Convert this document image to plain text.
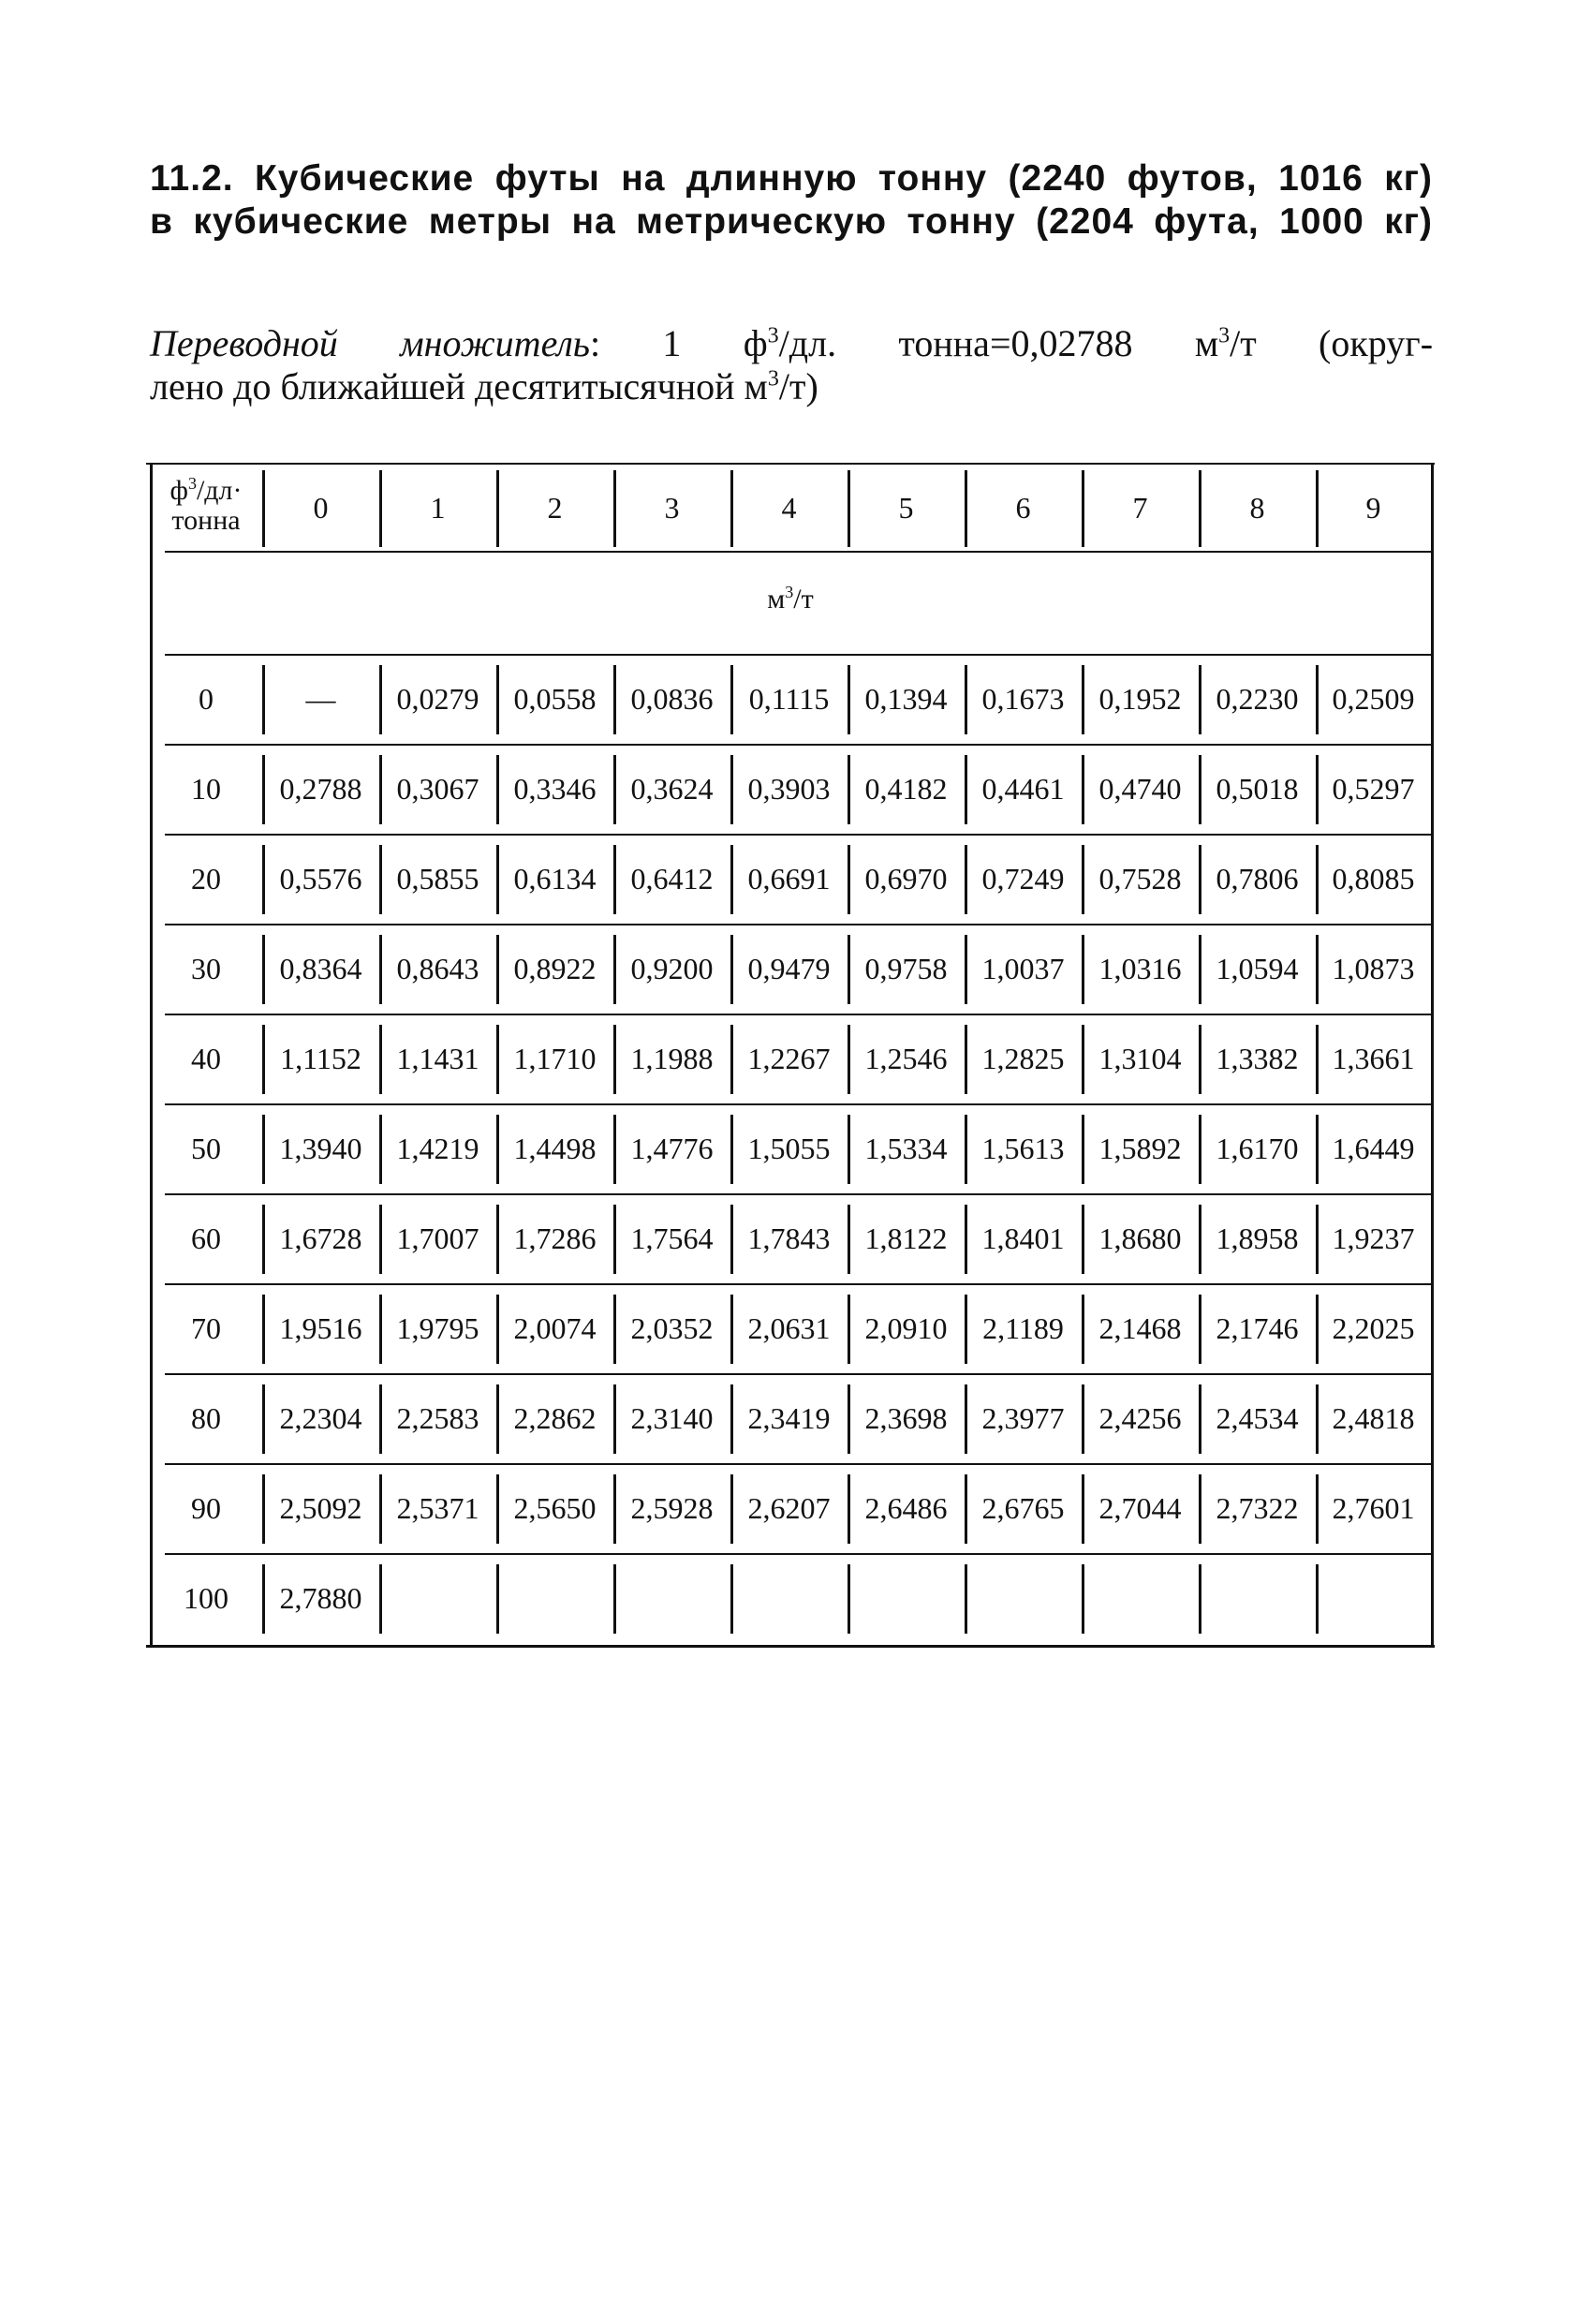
11.2. Кубические футы на длинную тонну (2240 футов, 1016 кг)
в кубические метры на метрическую тонну (2204 фута, 1000 кг)
Переводной множитель: 1 $ф^3/дл$. тонна=0,02788 $м^3/т$ (округ-
лено до ближайшей десятитысячной $м^3/т$)
$ф^3/дл\cdot$
тонна	0	1	2	3	4	5	6	7	8	9
$м^3/т$
0	—	0,0279	0,0558	0,0836	0,1115	0,1394	0,1673	0,1952	0,2230	0,2509
10	0,2788	0,3067	0,3346	0,3624	0,3903	0,4182	0,4461	0,4740	0,5018	0,5297
20	0,5576	0,5855	0,6134	0,6412	0,6691	0,6970	0,7249	0,7528	0,7806	0,8085
30	0,8364	0,8643	0,8922	0,9200	0,9479	0,9758	1,0037	1,0316	1,0594	1,0873
40	1,1152	1,1431	1,1710	1,1988	1,2267	1,2546	1,2825	1,3104	1,3382	1,3661
50	1,3940	1,4219	1,4498	1,4776	1,5055	1,5334	1,5613	1,5892	1,6170	1,6449
60	1,6728	1,7007	1,7286	1,7564	1,7843	1,8122	1,8401	1,8680	1,8958	1,9237
70	1,9516	1,9795	2,0074	2,0352	2,0631	2,0910	2,1189	2,1468	2,1746	2,2025
80	2,2304	2,2583	2,2862	2,3140	2,3419	2,3698	2,3977	2,4256	2,4534	2,4818
90	2,5092	2,5371	2,5650	2,5928	2,6207	2,6486	2,6765	2,7044	2,7322	2,7601
100	2,7880
